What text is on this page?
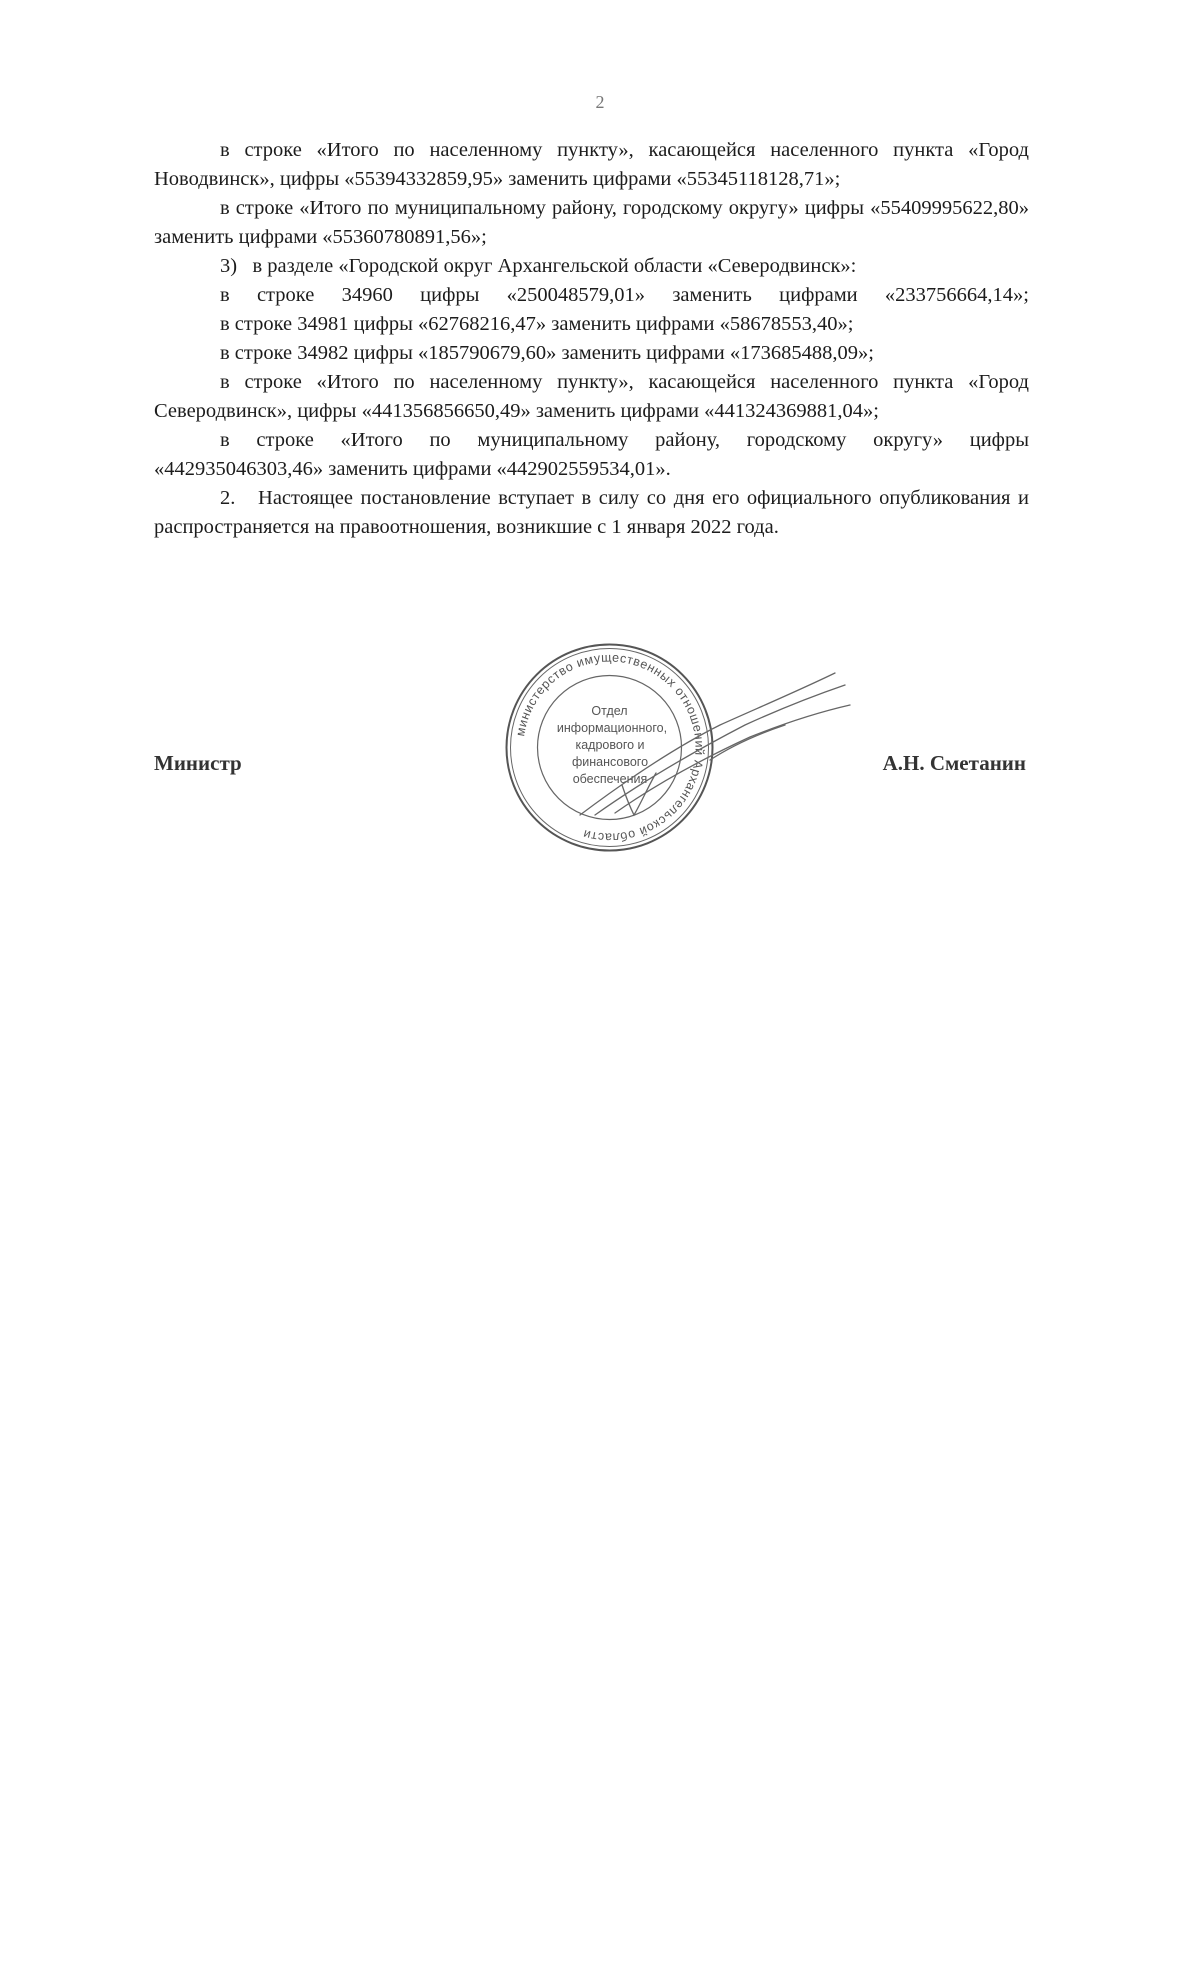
2

в строке «Итого по населенному пункту», касающейся населенного пункта «Город Новодвинск», цифры «55394332859,95» заменить цифрами «55345118128,71»;

в строке «Итого по муниципальному району, городскому округу» цифры «55409995622,80» заменить цифрами «55360780891,56»;

3)   в разделе «Городской округ Архангельской области «Северодвинск»:

в строке 34960 цифры «250048579,01» заменить цифрами «233756664,14»;

в строке 34981 цифры «62768216,47» заменить цифрами «58678553,40»;

в строке 34982 цифры «185790679,60» заменить цифрами «173685488,09»;

в строке «Итого по населенному пункту», касающейся населенного пункта «Город Северодвинск», цифры «441356856650,49» заменить цифрами «441324369881,04»;

в строке «Итого по муниципальному району, городскому округу» цифры «442935046303,46» заменить цифрами «442902559534,01».

2.   Настоящее постановление вступает в силу со дня его официального опубликования и распространяется на правоотношения, возникшие с 1 января 2022 года.

Министр	А.Н. Сметанин
министерство имущественных отношений Архангельской области
Отдел
информационного,
кадрового и
финансового
обеспечения
